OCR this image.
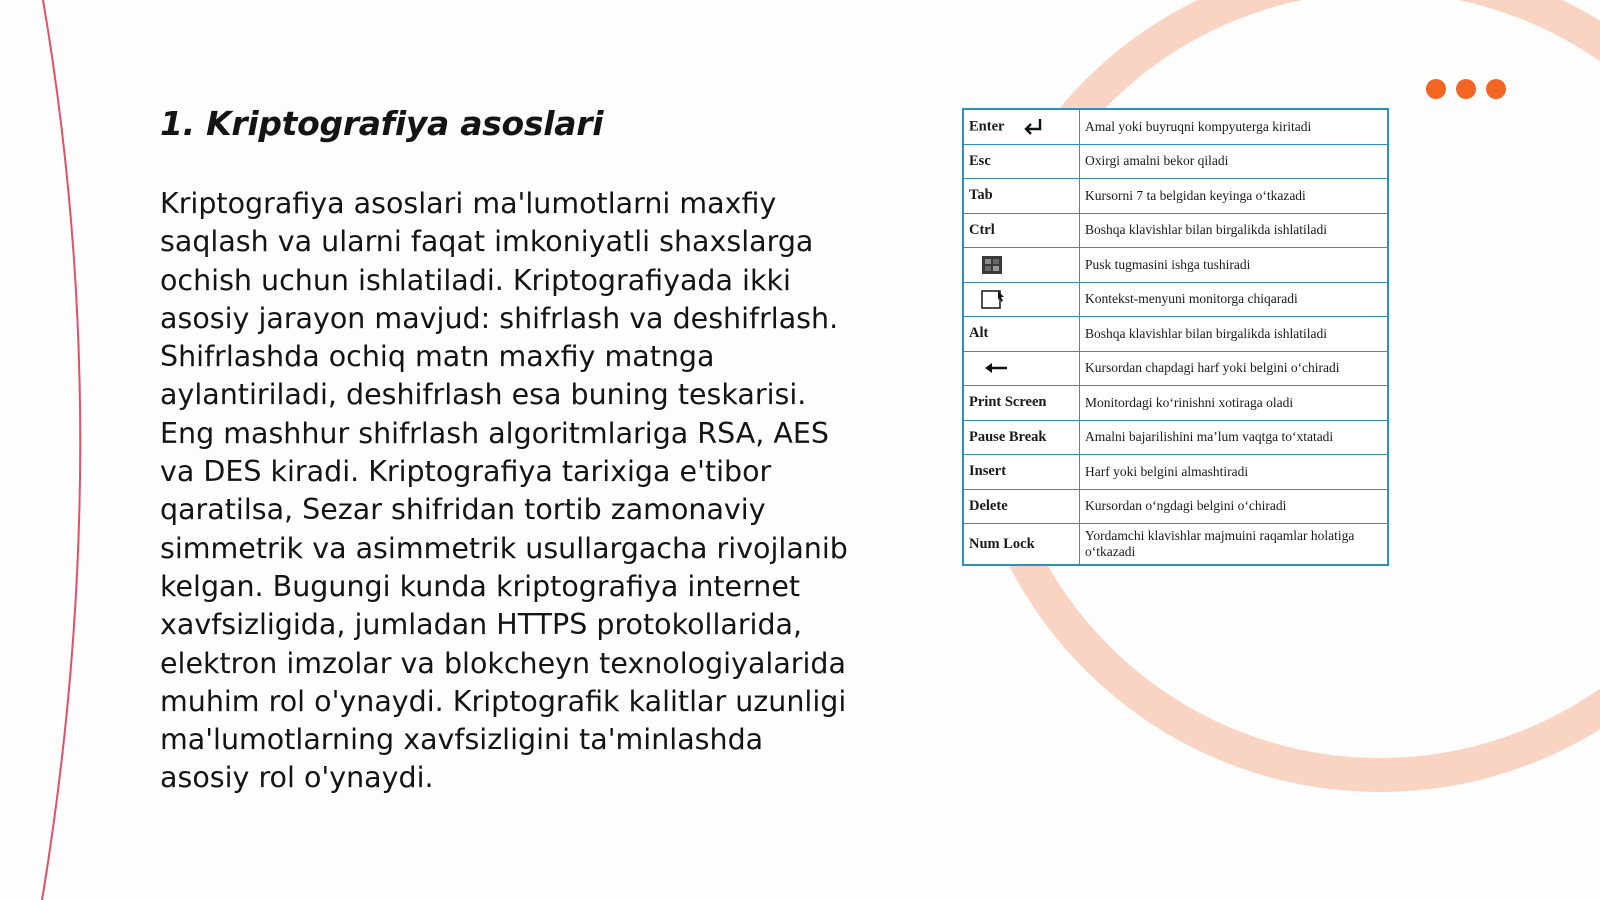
1. Kriptografiya asoslari

Kriptografiya asoslari ma'lumotlarni maxfiy saqlash va ularni faqat imkoniyatli shaxslarga ochish uchun ishlatiladi. Kriptografiyada ikki asosiy jarayon mavjud: shifrlash va deshifrlash. Shifrlashda ochiq matn maxfiy matnga aylantiriladi, deshifrlash esa buning teskarisi. Eng mashhur shifrlash algoritmlariga RSA, AES va DES kiradi. Kriptografiya tarixiga e'tibor qaratilsa, Sezar shifridan tortib zamonaviy simmetrik va asimmetrik usullargacha rivojlanib kelgan. Bugungi kunda kriptografiya internet xavfsizligida, jumladan HTTPS protokollarida, elektron imzolar va blokcheyn texnologiyalarida muhim rol o'ynaydi. Kriptografik kalitlar uzunligi ma'lumotlarning xavfsizligini ta'minlashda asosiy rol o'ynaydi.

Enter	Amal yoki buyruqni kompyuterga kiritadi
Esc	Oxirgi amalni bekor qiladi
Tab	Kursorni 7 ta belgidan keyinga o‘tkazadi
Ctrl	Boshqa klavishlar bilan birgalikda ishlatiladi

	Pusk tugmasini ishga tushiradi

	Kontekst-menyuni monitorga chiqaradi
Alt	Boshqa klavishlar bilan birgalikda ishlatiladi

	Kursordan chapdagi harf yoki belgini o‘chiradi
Print Screen	Monitordagi ko‘rinishni xotiraga oladi
Pause Break	Amalni bajarilishini ma’lum vaqtga to‘xtatadi
Insert	Harf yoki belgini almashtiradi
Delete	Kursordan o‘ngdagi belgini o‘chiradi
Num Lock	Yordamchi klavishlar majmuini raqamlar holatiga o‘tkazadi
